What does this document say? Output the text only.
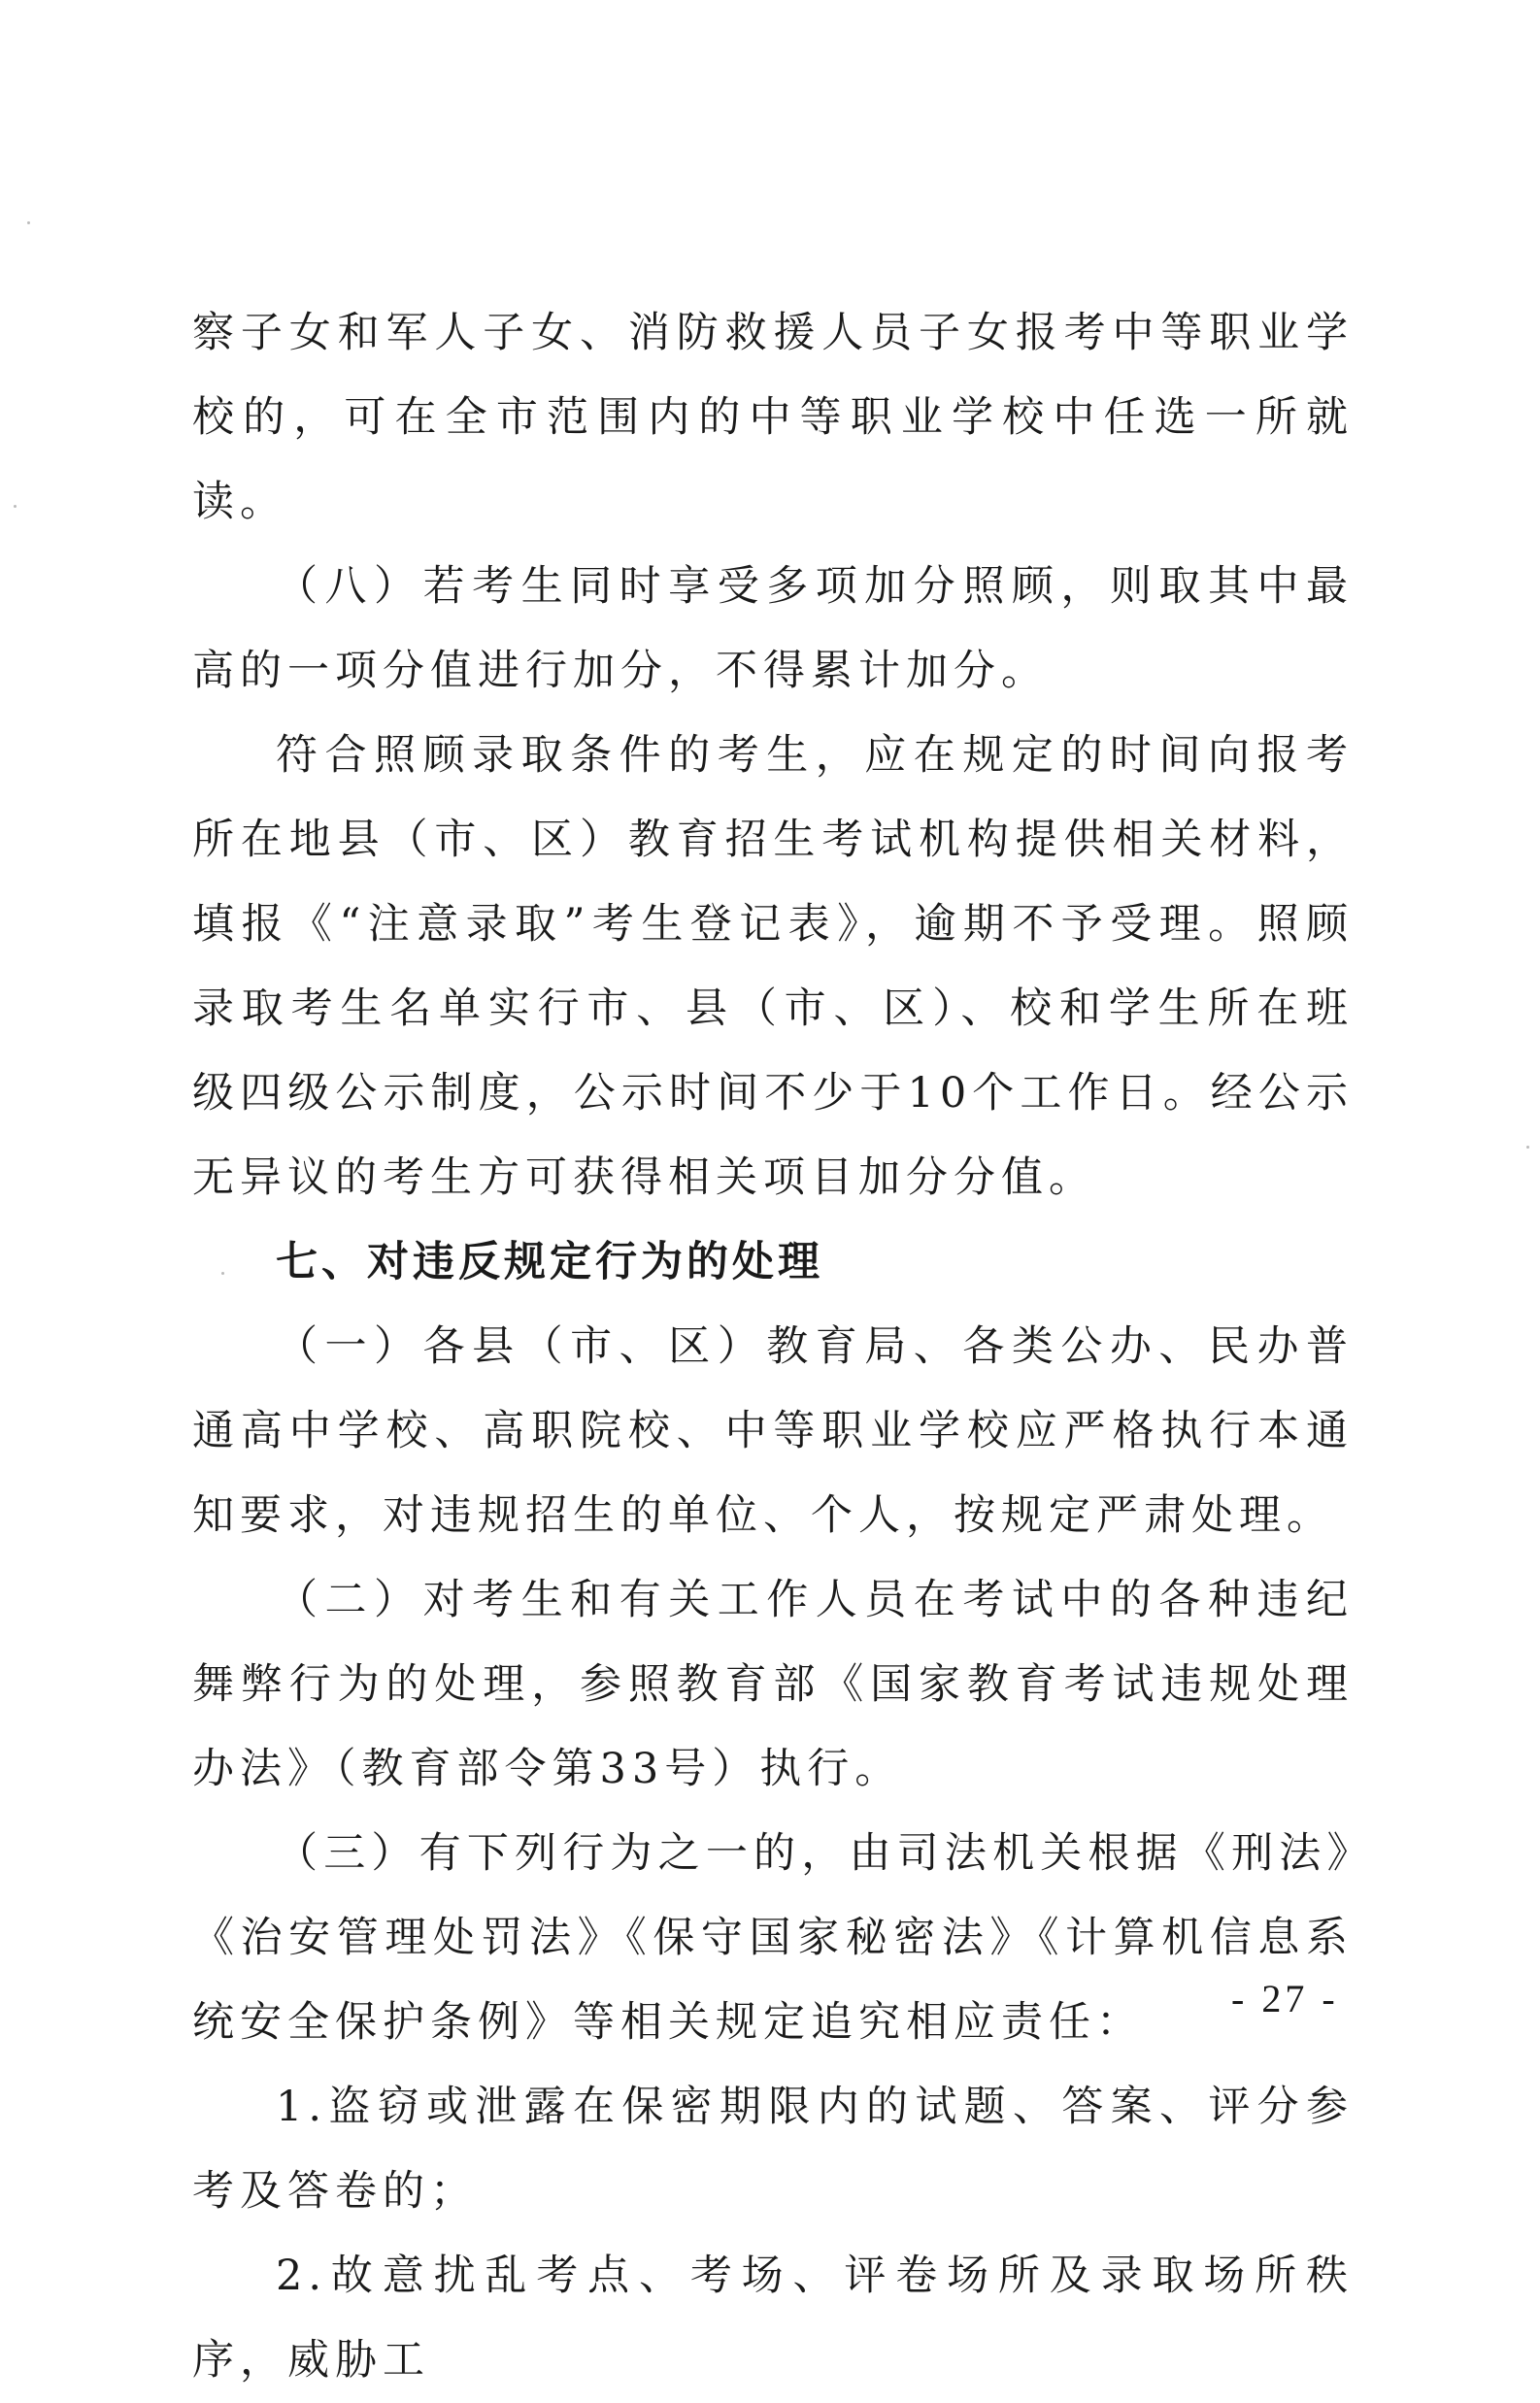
察子女和军人子女、消防救援人员子女报考中等职业学校的，可在全市范围内的中等职业学校中任选一所就读。

（八）若考生同时享受多项加分照顾，则取其中最高的一项分值进行加分，不得累计加分。

符合照顾录取条件的考生，应在规定的时间向报考所在地县（市、区）教育招生考试机构提供相关材料，填报《“注意录取”考生登记表》，逾期不予受理。照顾录取考生名单实行市、县（市、区）、校和学生所在班级四级公示制度，公示时间不少于10个工作日。经公示无异议的考生方可获得相关项目加分分值。

七、对违反规定行为的处理

（一）各县（市、区）教育局、各类公办、民办普通高中学校、高职院校、中等职业学校应严格执行本通知要求，对违规招生的单位、个人，按规定严肃处理。

（二）对考生和有关工作人员在考试中的各种违纪舞弊行为的处理，参照教育部《国家教育考试违规处理办法》（教育部令第33号）执行。

（三）有下列行为之一的，由司法机关根据《刑法》《治安管理处罚法》《保守国家秘密法》《计算机信息系统安全保护条例》等相关规定追究相应责任：

1.盗窃或泄露在保密期限内的试题、答案、评分参考及答卷的；

2.故意扰乱考点、考场、评卷场所及录取场所秩序，威胁工

- 27 -
